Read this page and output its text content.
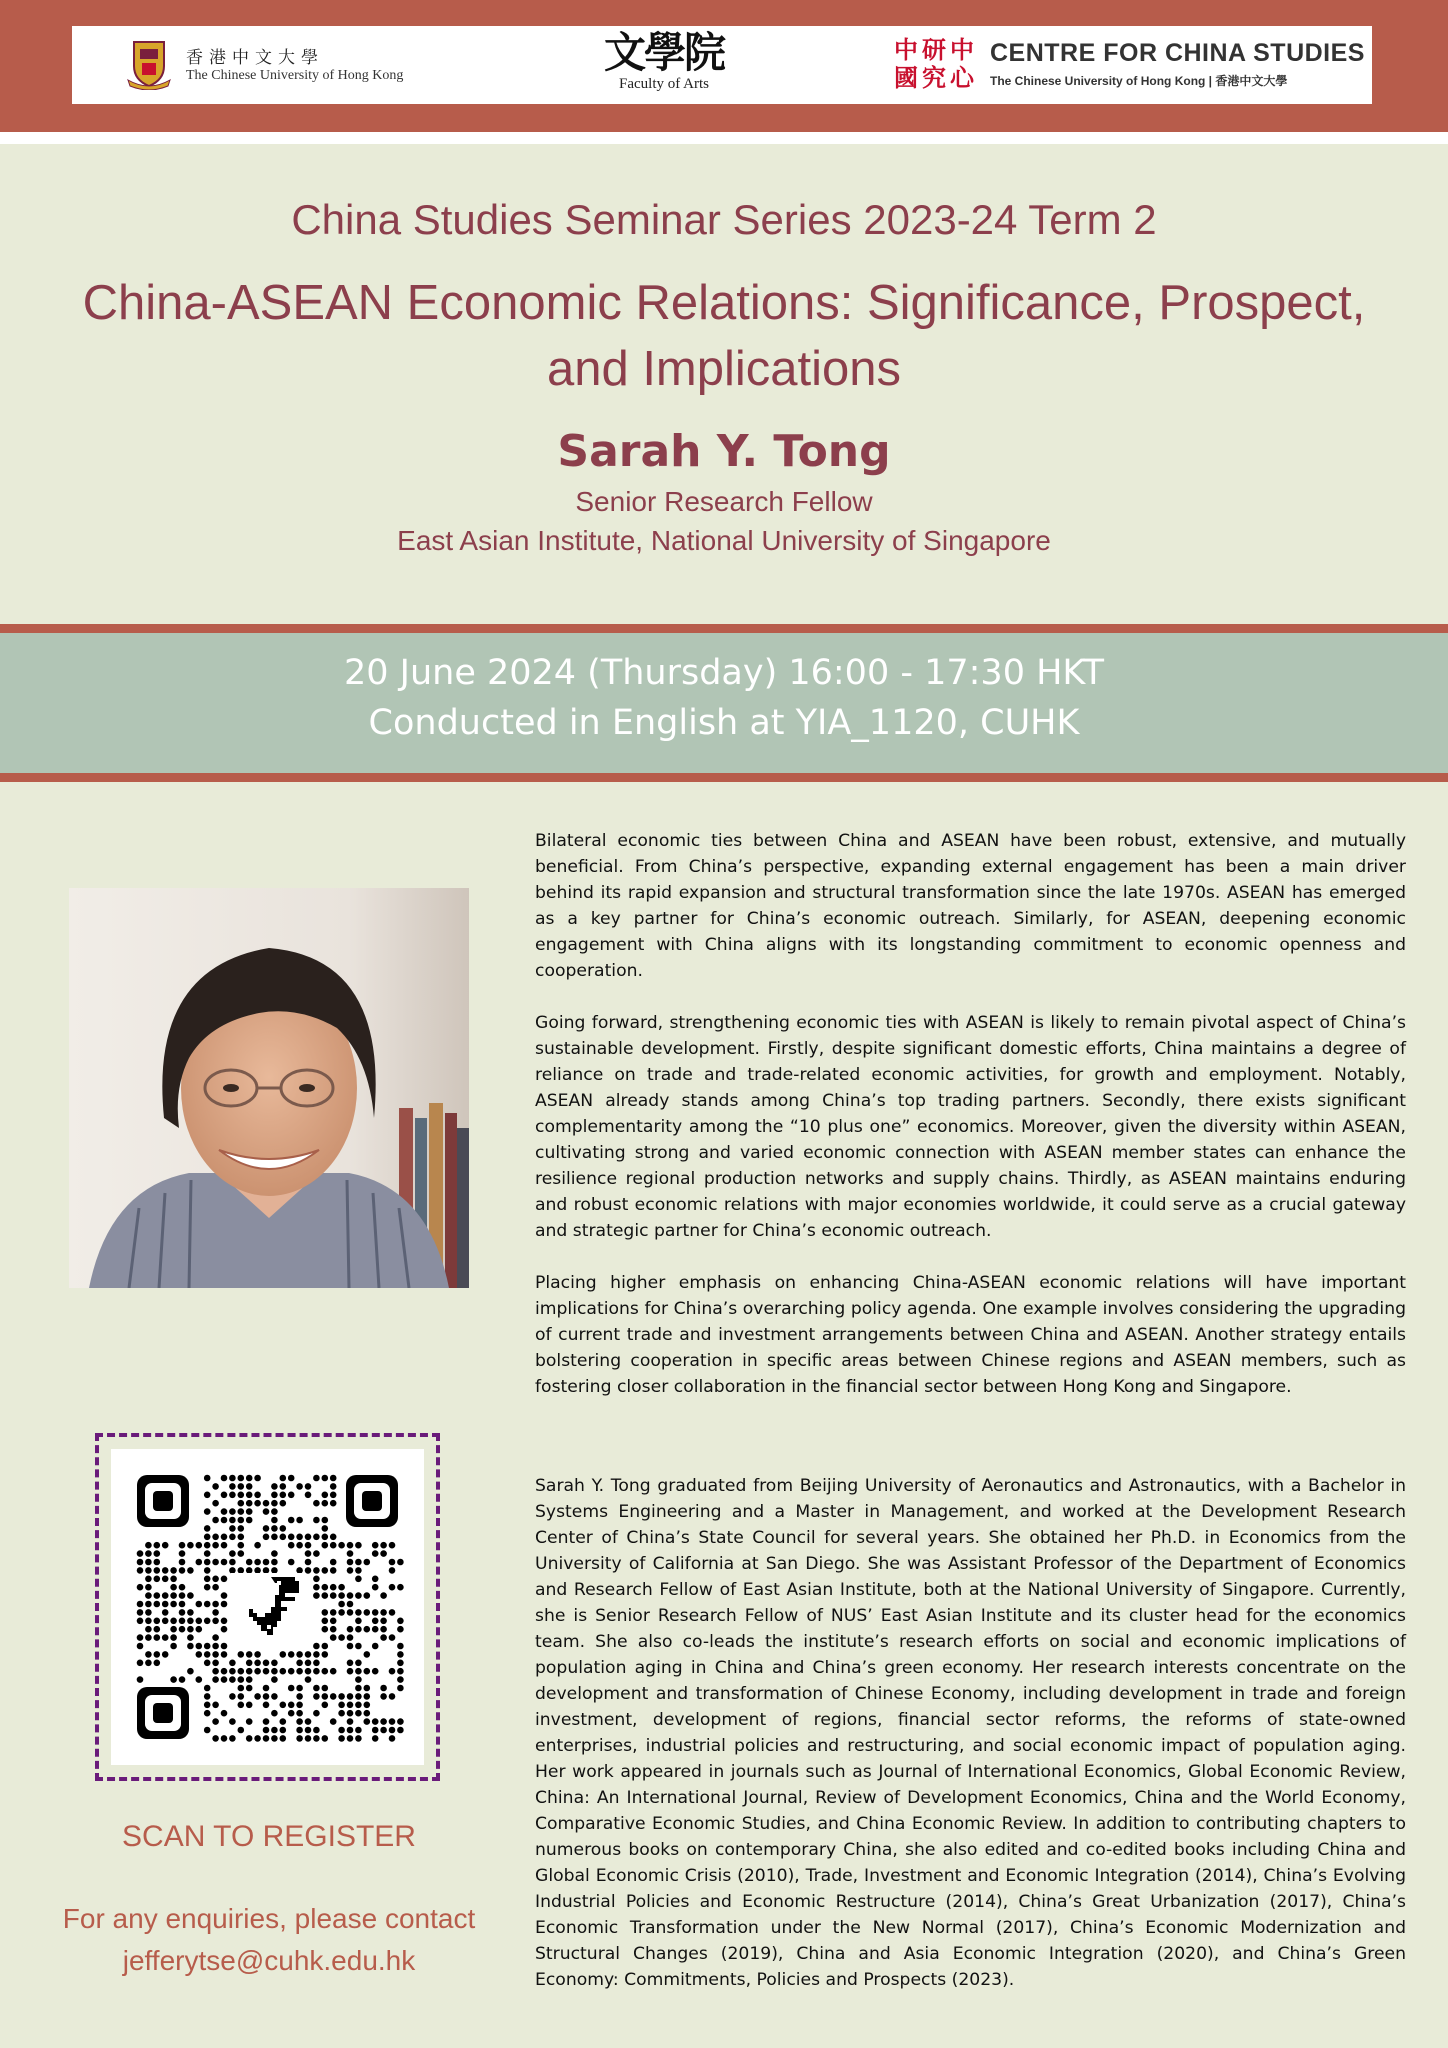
香港中文大學
The Chinese University of Hong Kong	文學院
Faculty of Arts
中 研 中
國 究 心
CENTRE FOR CHINA STUDIES
The Chinese University of Hong Kong | 香港中文大學
China Studies Seminar Series 2023-24 Term 2
China-ASEAN Economic Relations: Significance, Prospect, and Implications
Sarah Y. Tong
Senior Research Fellow
East Asian Institute, National University of Singapore
20 June 2024 (Thursday) 16:00 - 17:30 HKT
Conducted in English at YIA_1120, CUHK

Bilateral economic ties between China and ASEAN have been robust, extensive, and mutually beneficial. From China’s perspective, expanding external engagement has been a main driver behind its rapid expansion and structural transformation since the late 1970s. ASEAN has emerged as a key partner for China’s economic outreach. Similarly, for ASEAN, deepening economic engagement with China aligns with its longstanding commitment to economic openness and cooperation.

Going forward, strengthening economic ties with ASEAN is likely to remain pivotal aspect of China’s sustainable development. Firstly, despite significant domestic efforts, China maintains a degree of reliance on trade and trade-related economic activities, for growth and employment. Notably, ASEAN already stands among China’s top trading partners. Secondly, there exists significant complementarity among the “10 plus one” economics. Moreover, given the diversity within ASEAN, cultivating strong and varied economic connection with ASEAN member states can enhance the resilience regional production networks and supply chains. Thirdly, as ASEAN maintains enduring and robust economic relations with major economies worldwide, it could serve as a crucial gateway and strategic partner for China’s economic outreach.

Placing higher emphasis on enhancing China-ASEAN economic relations will have important implications for China’s overarching policy agenda. One example involves considering the upgrading of current trade and investment arrangements between China and ASEAN. Another strategy entails bolstering cooperation in specific areas between Chinese regions and ASEAN members, such as fostering closer collaboration in the financial sector between Hong Kong and Singapore.

Sarah Y. Tong graduated from Beijing University of Aeronautics and Astronautics, with a Bachelor in Systems Engineering and a Master in Management, and worked at the Development Research Center of China’s State Council for several years. She obtained her Ph.D. in Economics from the University of California at San Diego. She was Assistant Professor of the Department of Economics and Research Fellow of East Asian Institute, both at the National University of Singapore. Currently, she is Senior Research Fellow of NUS’ East Asian Institute and its cluster head for the economics team. She also co-leads the institute’s research efforts on social and economic implications of population aging in China and China’s green economy. Her research interests concentrate on the development and transformation of Chinese Economy, including development in trade and foreign investment, development of regions, financial sector reforms, the reforms of state-owned enterprises, industrial policies and restructuring, and social economic impact of population aging. Her work appeared in journals such as Journal of International Economics, Global Economic Review, China: An International Journal, Review of Development Economics, China and the World Economy, Comparative Economic Studies, and China Economic Review. In addition to contributing chapters to numerous books on contemporary China, she also edited and co-edited books including China and Global Economic Crisis (2010), Trade, Investment and Economic Integration (2014), China’s Evolving Industrial Policies and Economic Restructure (2014), China’s Great Urbanization (2017), China’s Economic Transformation under the New Normal (2017), China’s Economic Modernization and Structural Changes (2019), China and Asia Economic Integration (2020), and China’s Green Economy: Commitments, Policies and Prospects (2023).
SCAN TO REGISTER
For any enquiries, please contact
jefferytse@cuhk.edu.hk
